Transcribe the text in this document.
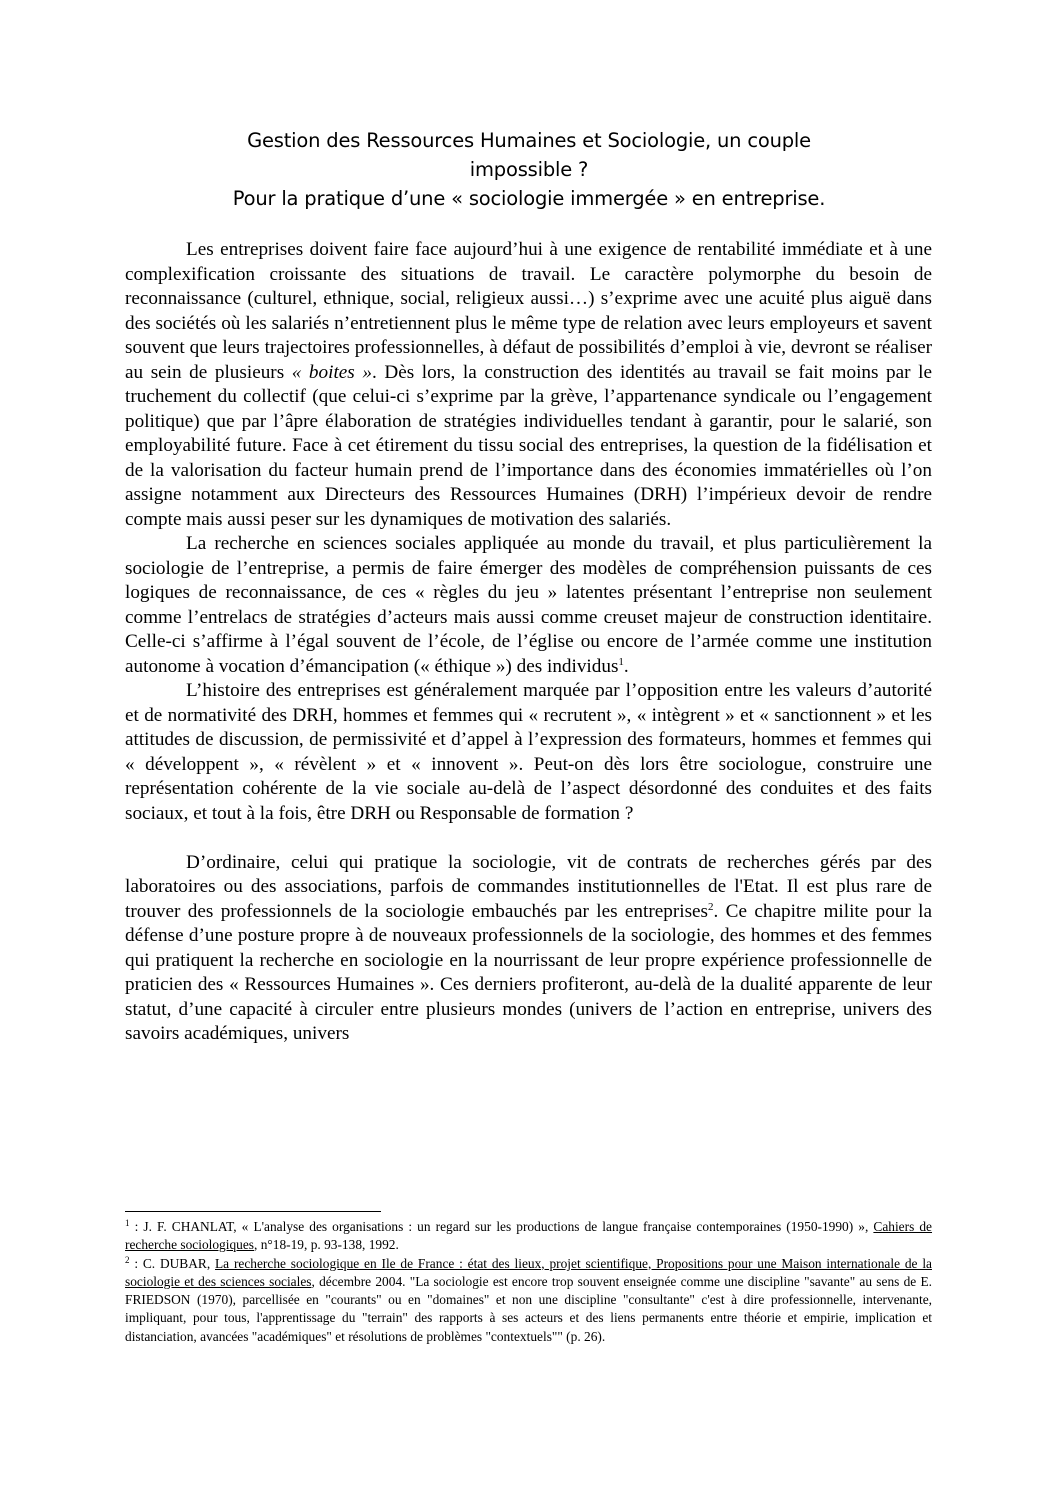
Gestion des Ressources Humaines et Sociologie, un couple
impossible ?
Pour la pratique d’une « sociologie immergée » en entreprise.

Les entreprises doivent faire face aujourd’hui à une exigence de rentabilité immédiate et à une complexification croissante des situations de travail. Le caractère polymorphe du besoin de reconnaissance (culturel, ethnique, social, religieux aussi…) s’exprime avec une acuité plus aiguë dans des sociétés où les salariés n’entretiennent plus le même type de relation avec leurs employeurs et savent souvent que leurs trajectoires professionnelles, à défaut de possibilités d’emploi à vie, devront se réaliser au sein de plusieurs « boites ». Dès lors, la construction des identités au travail se fait moins par le truchement du collectif (que celui-ci s’exprime par la grève, l’appartenance syndicale ou l’engagement politique) que par l’âpre élaboration de stratégies individuelles tendant à garantir, pour le salarié, son employabilité future. Face à cet étirement du tissu social des entreprises, la question de la fidélisation et de la valorisation du facteur humain prend de l’importance dans des économies immatérielles où l’on assigne notamment aux Directeurs des Ressources Humaines (DRH) l’impérieux devoir de rendre compte mais aussi peser sur les dynamiques de motivation des salariés.

La recherche en sciences sociales appliquée au monde du travail, et plus particulièrement la sociologie de l’entreprise, a permis de faire émerger des modèles de compréhension puissants de ces logiques de reconnaissance, de ces « règles du jeu » latentes présentant l’entreprise non seulement comme l’entrelacs de stratégies d’acteurs mais aussi comme creuset majeur de construction identitaire. Celle-ci s’affirme à l’égal souvent de l’école, de l’église ou encore de l’armée comme une institution autonome à vocation d’émancipation (« éthique ») des individus$^1$.

L’histoire des entreprises est généralement marquée par l’opposition entre les valeurs d’autorité et de normativité des DRH, hommes et femmes qui « recrutent », « intègrent » et « sanctionnent » et les attitudes de discussion, de permissivité et d’appel à l’expression des formateurs, hommes et femmes qui « développent », « révèlent » et « innovent ». Peut-on dès lors être sociologue, construire une représentation cohérente de la vie sociale au-delà de l’aspect désordonné des conduites et des faits sociaux, et tout à la fois, être DRH ou Responsable de formation ?

D’ordinaire, celui qui pratique la sociologie, vit de contrats de recherches gérés par des laboratoires ou des associations, parfois de commandes institutionnelles de l'Etat. Il est plus rare de trouver des professionnels de la sociologie embauchés par les entreprises$^2$. Ce chapitre milite pour la défense d’une posture propre à de nouveaux professionnels de la sociologie, des hommes et des femmes qui pratiquent la recherche en sociologie en la nourrissant de leur propre expérience professionnelle de praticien des « Ressources Humaines ». Ces derniers profiteront, au-delà de la dualité apparente de leur statut, d’une capacité à circuler entre plusieurs mondes (univers de l’action en entreprise, univers des savoirs académiques, univers

$^1$ : J. F. CHANLAT, « L'analyse des organisations : un regard sur les productions de langue française contemporaines (1950-1990) », Cahiers de recherche sociologiques, n°18-19, p. 93-138, 1992.

$^2$ : C. DUBAR, La recherche sociologique en Ile de France : état des lieux, projet scientifique, Propositions pour une Maison internationale de la sociologie et des sciences sociales, décembre 2004. "La sociologie est encore trop souvent enseignée comme une discipline "savante" au sens de E. FRIEDSON (1970), parcellisée en "courants" ou en "domaines" et non une discipline "consultante" c'est à dire professionnelle, intervenante, impliquant, pour tous, l'apprentissage du "terrain" des rapports à ses acteurs et des liens permanents entre théorie et empirie, implication et distanciation, avancées "académiques" et résolutions de problèmes "contextuels"" (p. 26).
